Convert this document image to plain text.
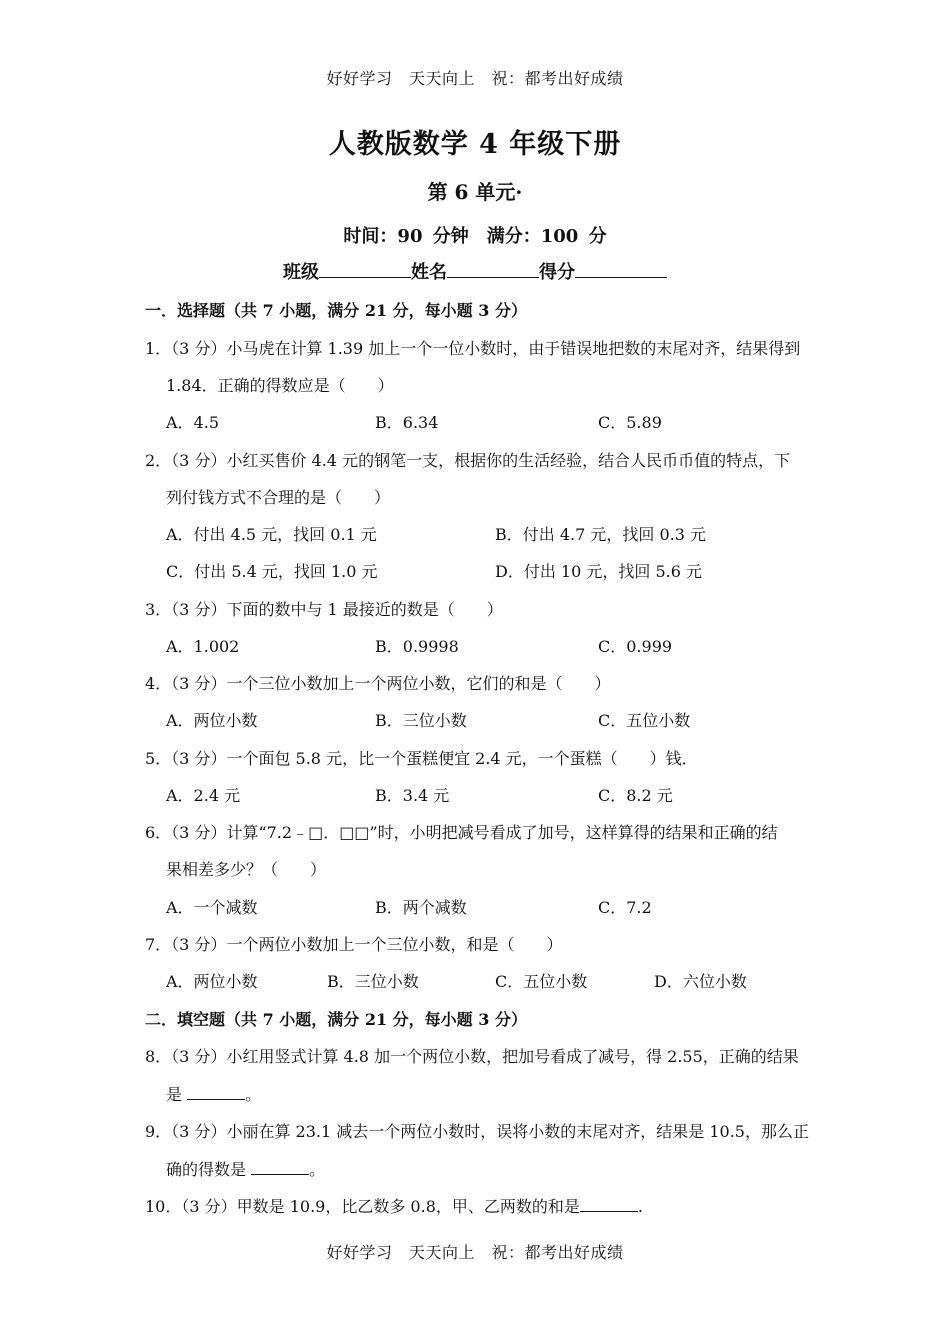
好好学习　天天向上　祝：都考出好成绩
人教版数学 4 年级下册
第 6 单元·
时间：90 分钟　满分：100 分
班级	姓名	得分
一．选择题（共 7 小题，满分 21 分，每小题 3 分）
1．（3 分）小马虎在计算 1.39 加上一个一位小数时，由于错误地把数的末尾对齐，结果得到
1.84．正确的得数应是（　　）
A．4.5	B．6.34	C．5.89
2．（3 分）小红买售价 4.4 元的钢笔一支，根据你的生活经验，结合人民币币值的特点，下
列付钱方式不合理的是（　　）
A．付出 4.5 元，找回 0.1 元	B．付出 4.7 元，找回 0.3 元
C．付出 5.4 元，找回 1.0 元	D．付出 10 元，找回 5.6 元
3．（3 分）下面的数中与 1 最接近的数是（　　）
A．1.002	B．0.9998	C．0.999
4．（3 分）一个三位小数加上一个两位小数，它们的和是（　　）
A．两位小数	B．三位小数	C．五位小数
5．（3 分）一个面包 5.8 元，比一个蛋糕便宜 2.4 元，一个蛋糕（　　）钱．
A．2.4 元	B．3.4 元	C．8.2 元
6．（3 分）计算“7.2﹣□．□□”时，小明把减号看成了加号，这样算得的结果和正确的结
果相差多少？（　　）
A．一个减数	B．两个减数	C．7.2
7．（3 分）一个两位小数加上一个三位小数，和是（　　）
A．两位小数	B．三位小数	C．五位小数	D．六位小数
二．填空题（共 7 小题，满分 21 分，每小题 3 分）
8．（3 分）小红用竖式计算 4.8 加一个两位小数，把加号看成了减号，得 2.55，正确的结果
是	。
9．（3 分）小丽在算 23.1 减去一个两位小数时，误将小数的末尾对齐，结果是 10.5，那么正
确的得数是	。
10．（3 分）甲数是 10.9，比乙数多 0.8，甲、乙两数的和是	.
好好学习　天天向上　祝：都考出好成绩
